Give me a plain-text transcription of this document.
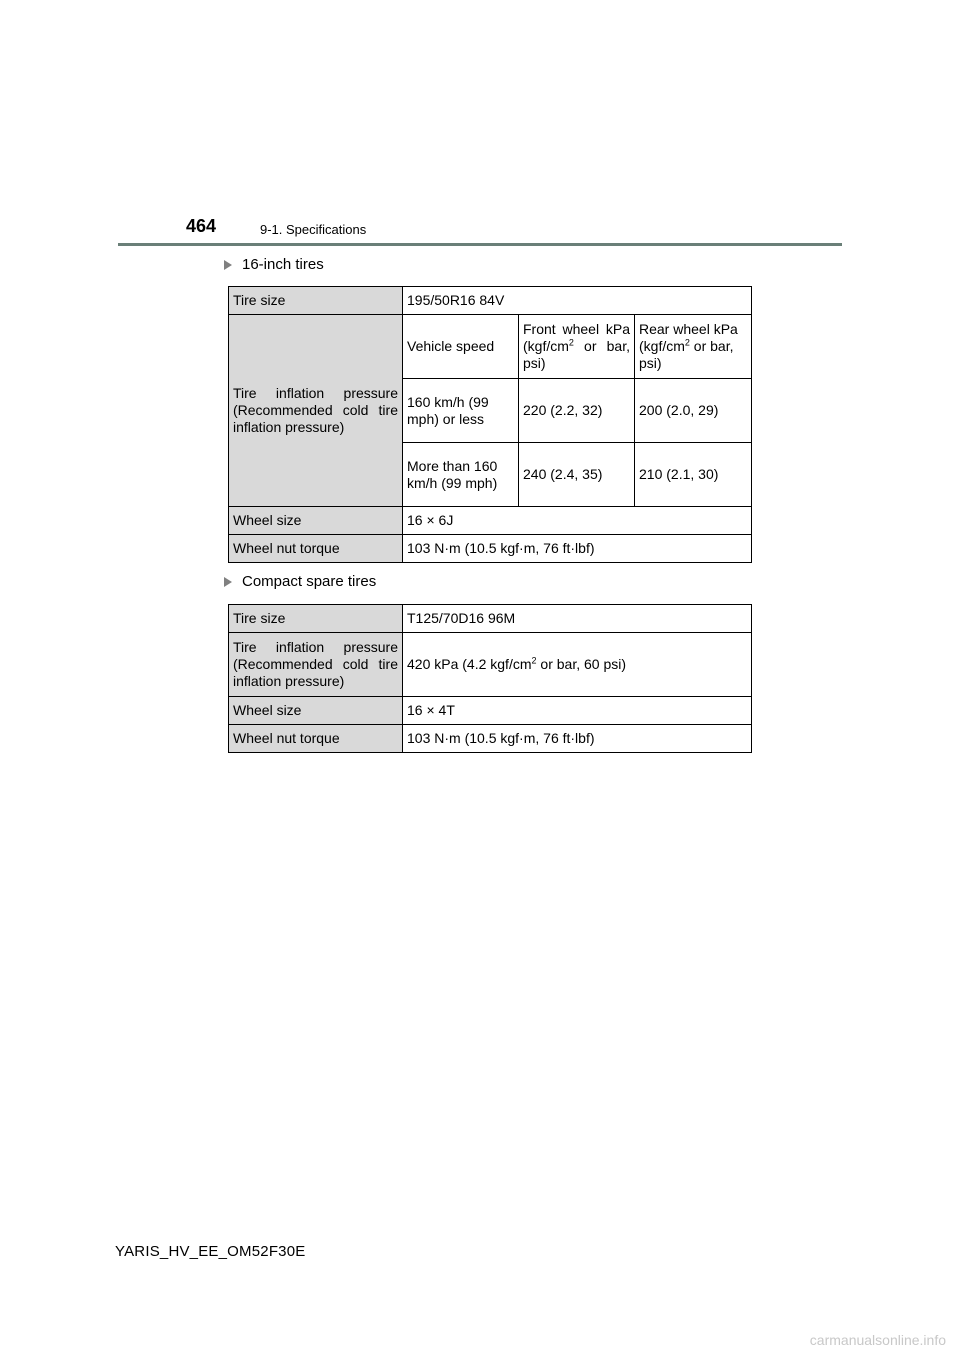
464	9-1. Specifications
16-inch tires
Tire size	195/50R16 84V		
Tire inflation pressure (Recommended cold tire inflation pressure)	Vehicle speed	Front wheel kPa ($kgf/cm^2$ or bar, psi)	Rear wheel kPa ($kgf/cm^2$ or bar, psi)
	160 km/h (99 mph) or less	220 (2.2, 32)	200 (2.0, 29)
	More than 160 km/h (99 mph)	240 (2.4, 35)	210 (2.1, 30)
Wheel size	16 × 6J		
Wheel nut torque	103 N·m (10.5 kgf·m, 76 ft·lbf)		
Compact spare tires
Tire size	T125/70D16 96M
Tire inflation pressure (Recommended cold tire inflation pressure)	420 kPa (4.2 kgf/$cm^2$ or bar, 60 psi)
Wheel size	16 × 4T
Wheel nut torque	103 N·m (10.5 kgf·m, 76 ft·lbf)
YARIS_HV_EE_OM52F30E
carmanualsonline.info
